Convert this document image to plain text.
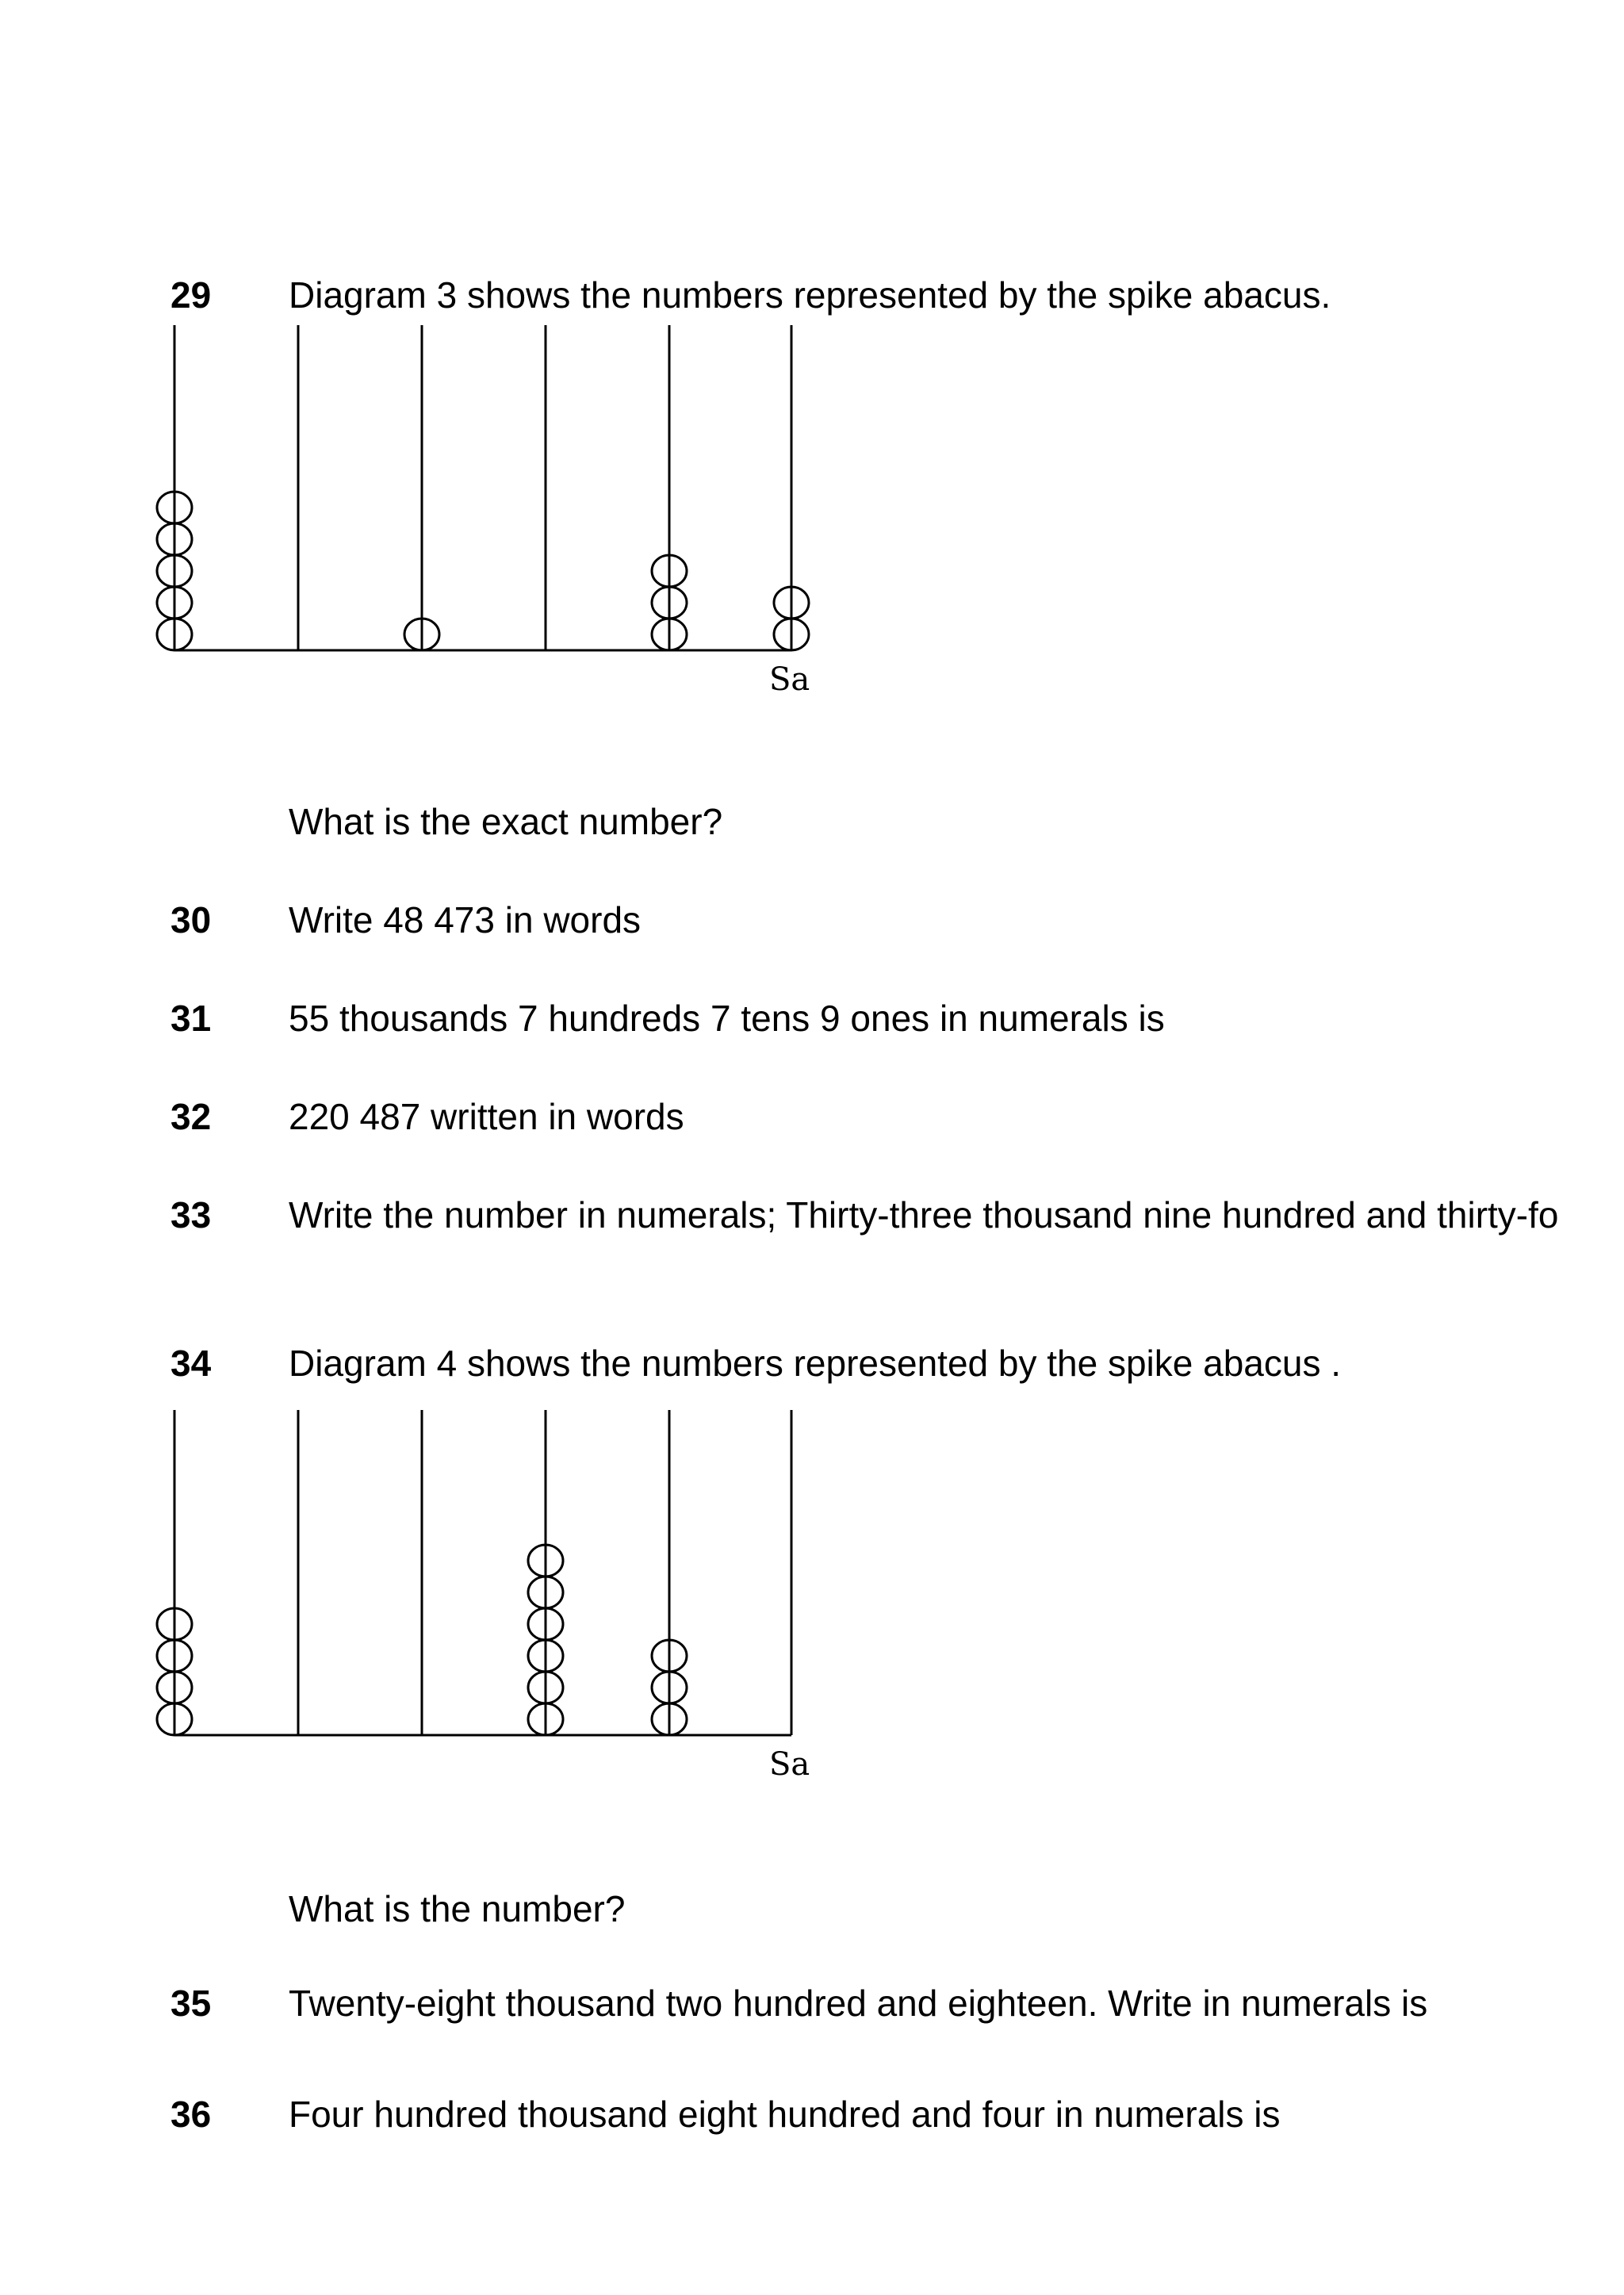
29 Diagram 3 shows the numbers represented by the spike abacus.
Sa
What is the exact number?
30 Write 48 473 in words
31 55 thousands 7 hundreds 7 tens 9 ones in numerals is
32 220 487 written in words
33 Write the number in numerals; Thirty-three thousand nine hundred and thirty-fo
34 Diagram 4 shows the numbers represented by the spike abacus .
Sa
What is the number?
35 Twenty-eight thousand two hundred and eighteen. Write in numerals is
36 Four hundred thousand eight hundred and four in numerals is
